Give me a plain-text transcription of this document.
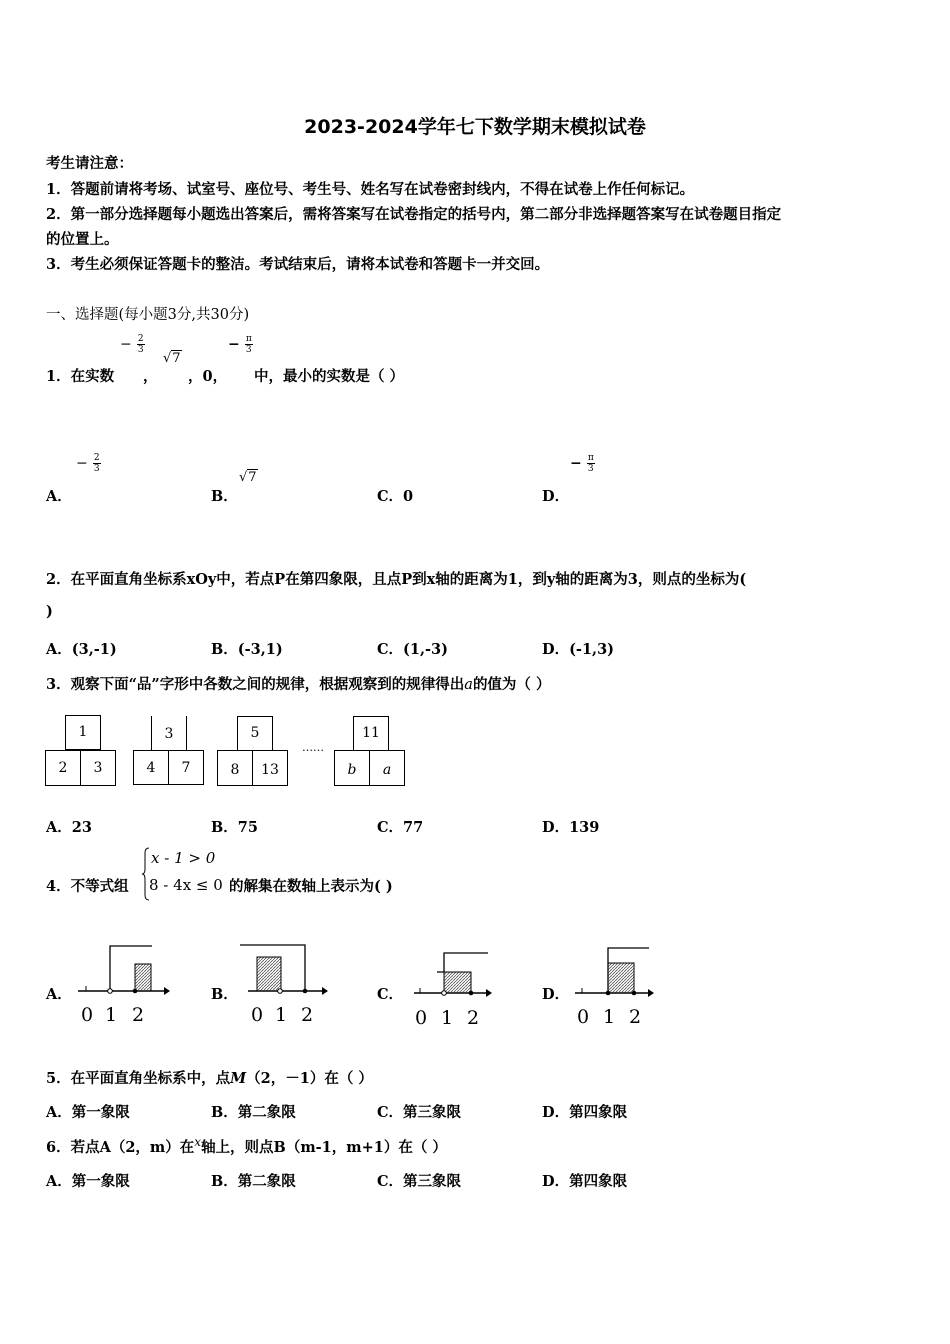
2023-2024学年七下数学期末模拟试卷
考生请注意：
1．答题前请将考场、试室号、座位号、考生号、姓名写在试卷密封线内，不得在试卷上作任何标记。
2．第一部分选择题每小题选出答案后，需将答案写在试卷指定的括号内，第二部分非选择题答案写在试卷题目指定
的位置上。
3．考生必须保证答题卡的整洁。考试结束后，请将本试卷和答题卡一并交回。
一、选择题(每小题3分,共30分)
1．在实数
− $\frac{2}{3}$
，
√7
，0，
− $\frac{\pi}{3}$
中，最小的实数是（ ）
A．
− $\frac{2}{3}$
B．
√7
C．0	D．
− $\frac{\pi}{3}$
2．在平面直角坐标系xOy中，若点P在第四象限，且点P到x轴的距离为1，到y轴的距离为3，则点的坐标为(
)
A．(3,-1)	B．(-3,1)	C．(1,-3)	D．(-1,3)
3．观察下面“品”字形中各数之间的规律，根据观察到的规律得出a的值为（ ）
1
2	3
3
4	7
5
8	13
……
11
b	a
A．23	B．75	C．77	D．139
4．不等式组
x - 1 > 0
8 - 4x ≤ 0 的解集在数轴上表示为( )
A．	B．	C．	D．
0 1 2	0 1 2	0 1 2	0 1 2
5．在平面直角坐标系中，点M（2，－1）在（ ）
A．第一象限	B．第二象限	C．第三象限	D．第四象限
6．若点A（2，m）在$^x$轴上，则点B（m-1，m+1）在（ ）
A．第一象限	B．第二象限	C．第三象限	D．第四象限
